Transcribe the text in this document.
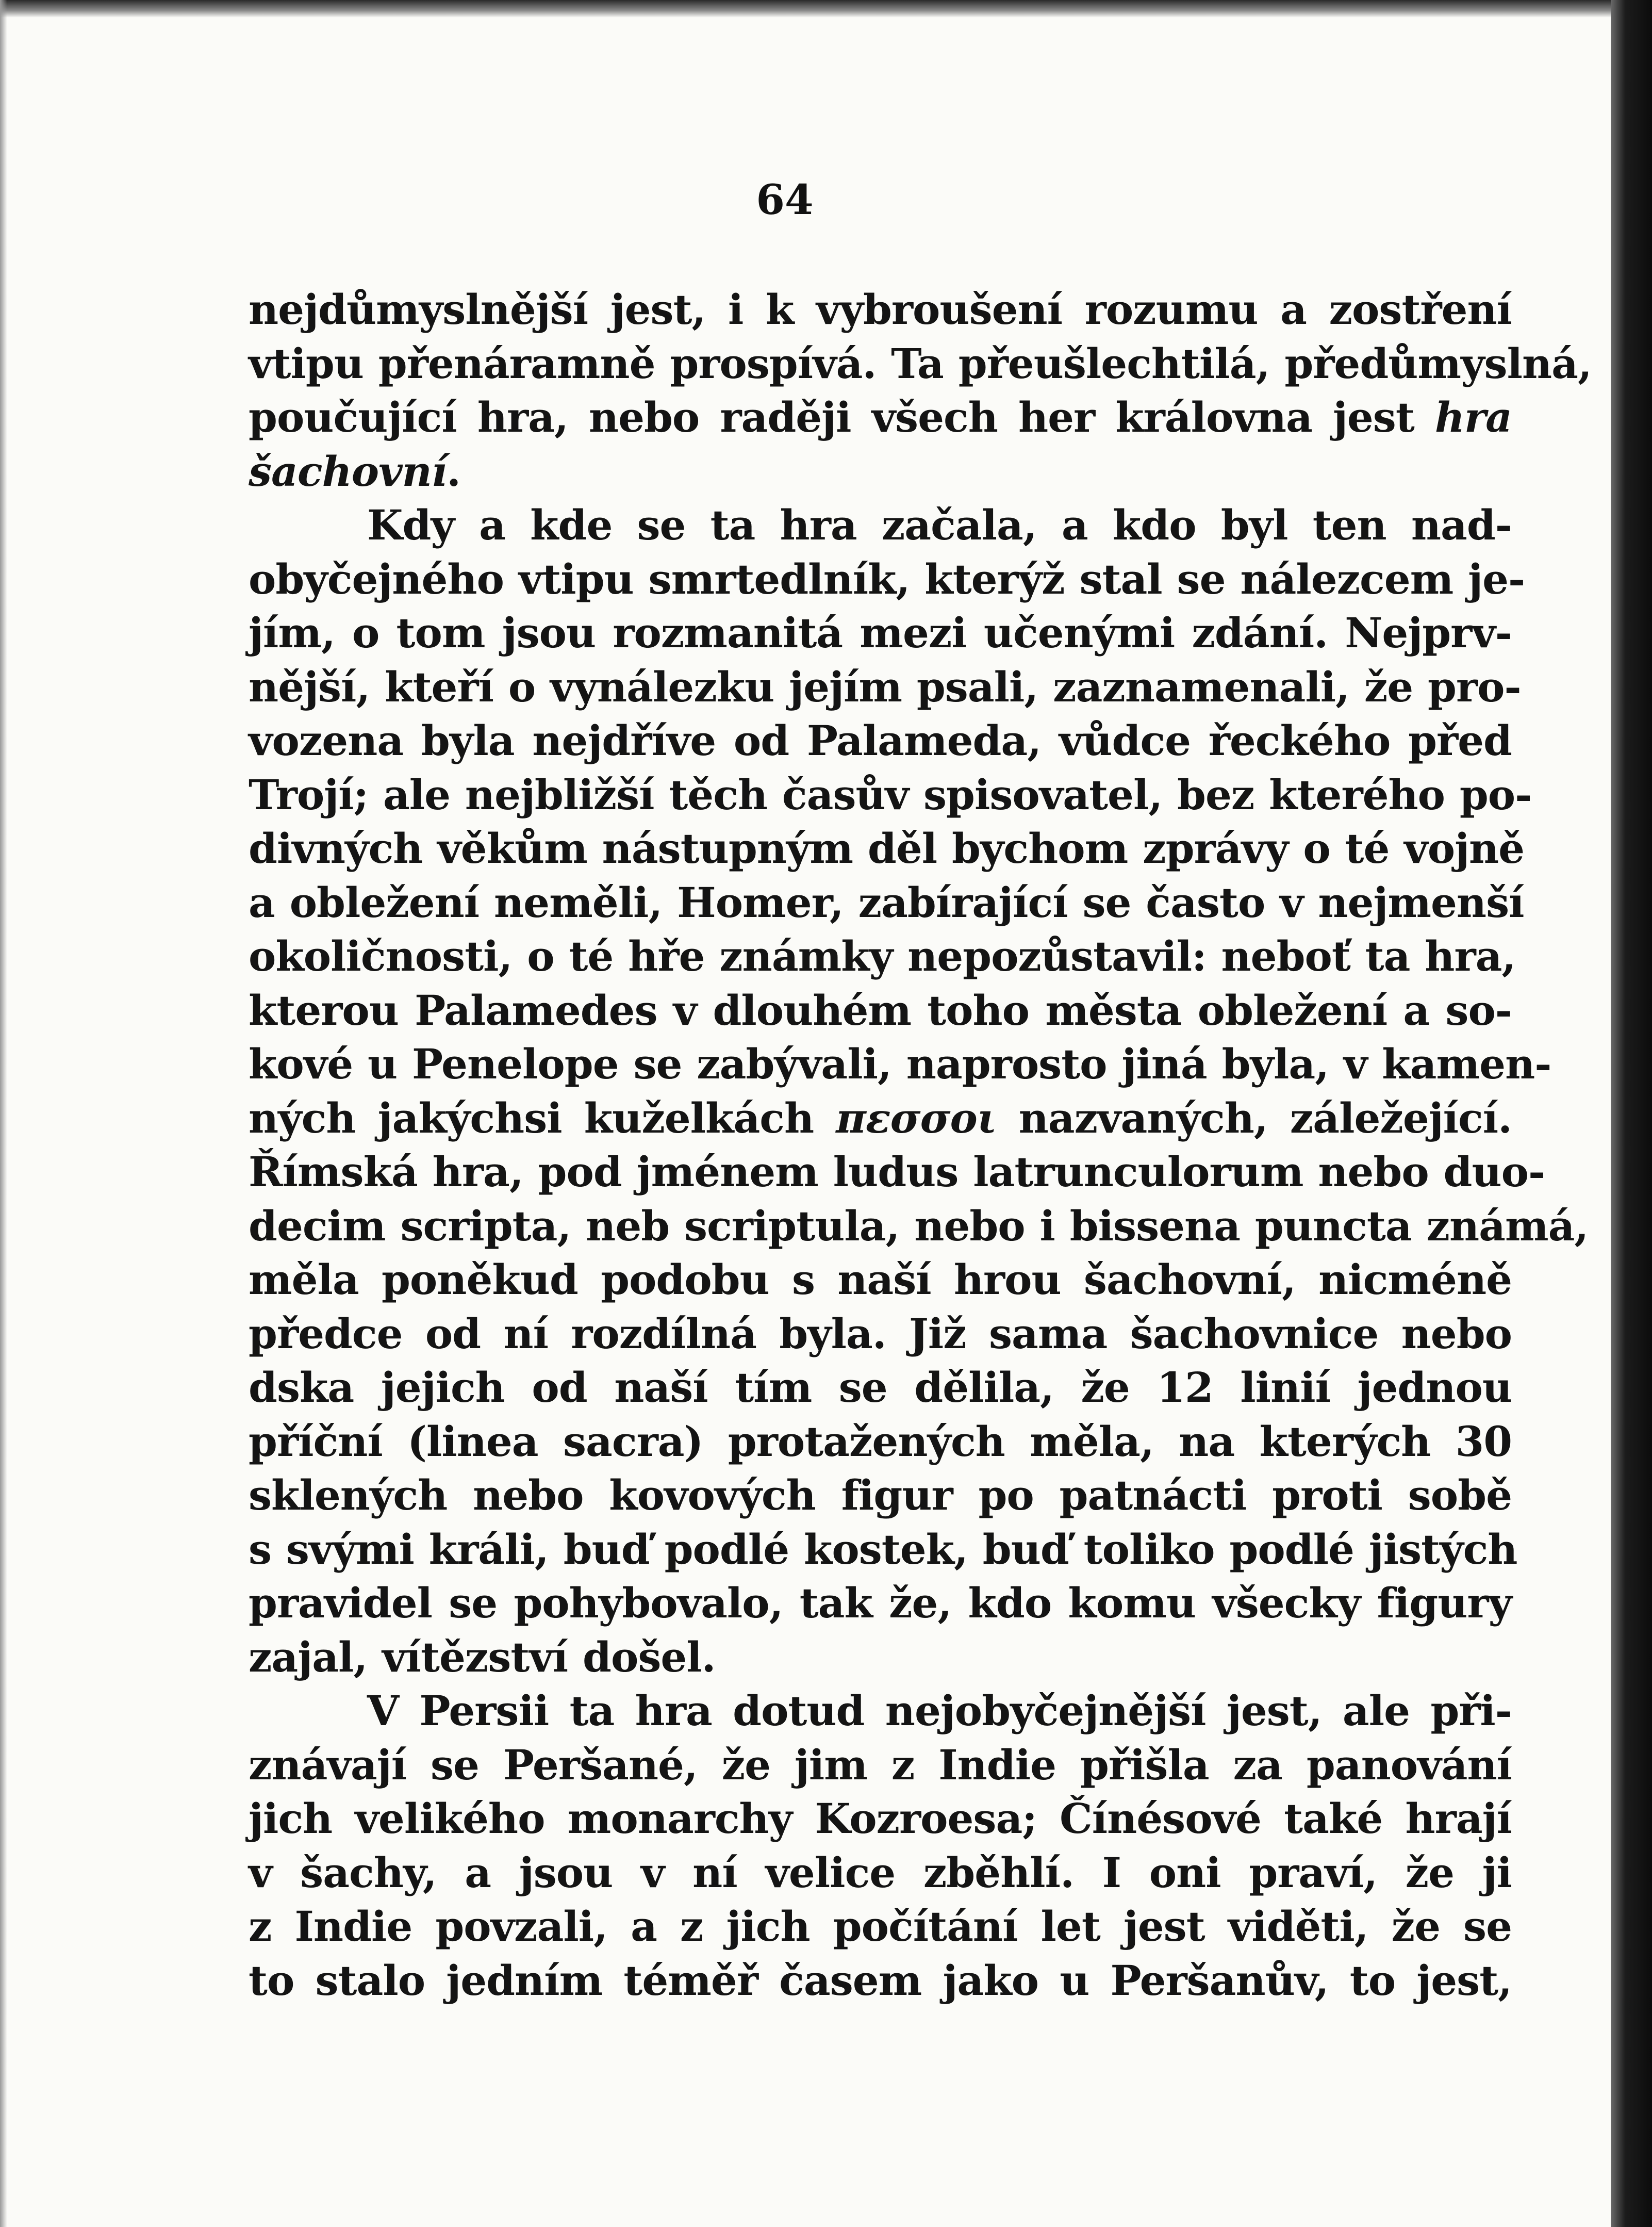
64
nejdůmyslnější jest, i k vybroušení rozumu a zostření
vtipu přenáramně prospívá. Ta přeušlechtilá, předůmyslná,
poučující hra, nebo raději všech her královna jest hra
šachovní.
Kdy a kde se ta hra začala, a kdo byl ten nad-
obyčejného vtipu smrtedlník, kterýž stal se nálezcem je-
jím, o tom jsou rozmanitá mezi učenými zdání. Nejprv-
nější, kteří o vynálezku jejím psali, zaznamenali, že pro-
vozena byla nejdříve od Palameda, vůdce řeckého před
Trojí; ale nejbližší těch časův spisovatel, bez kterého po-
divných věkům nástupným děl bychom zprávy o té vojně
a obležení neměli, Homer, zabírající se často v nejmenší
okoličnosti, o té hře známky nepozůstavil: neboť ta hra,
kterou Palamedes v dlouhém toho města obležení a so-
kové u Penelope se zabývali, naprosto jiná byla, v kamen-
ných jakýchsi kuželkách πεσσοι nazvaných, záležející.
Římská hra, pod jménem ludus latrunculorum nebo duo-
decim scripta, neb scriptula, nebo i bissena puncta známá,
měla poněkud podobu s naší hrou šachovní, nicméně
předce od ní rozdílná byla. Již sama šachovnice nebo
dska jejich od naší tím se dělila, že 12 linií jednou
příční (linea sacra) protažených měla, na kterých 30
sklených nebo kovových figur po patnácti proti sobě
s svými králi, buď podlé kostek, buď toliko podlé jistých
pravidel se pohybovalo, tak že, kdo komu všecky figury
zajal, vítězství došel.
V Persii ta hra dotud nejobyčejnější jest, ale při-
znávají se Peršané, že jim z Indie přišla za panování
jich velikého monarchy Kozroesa; Čínésové také hrají
v šachy, a jsou v ní velice zběhlí. I oni praví, že ji
z Indie povzali, a z jich počítání let jest viděti, že se
to stalo jedním téměř časem jako u Peršanův, to jest,
